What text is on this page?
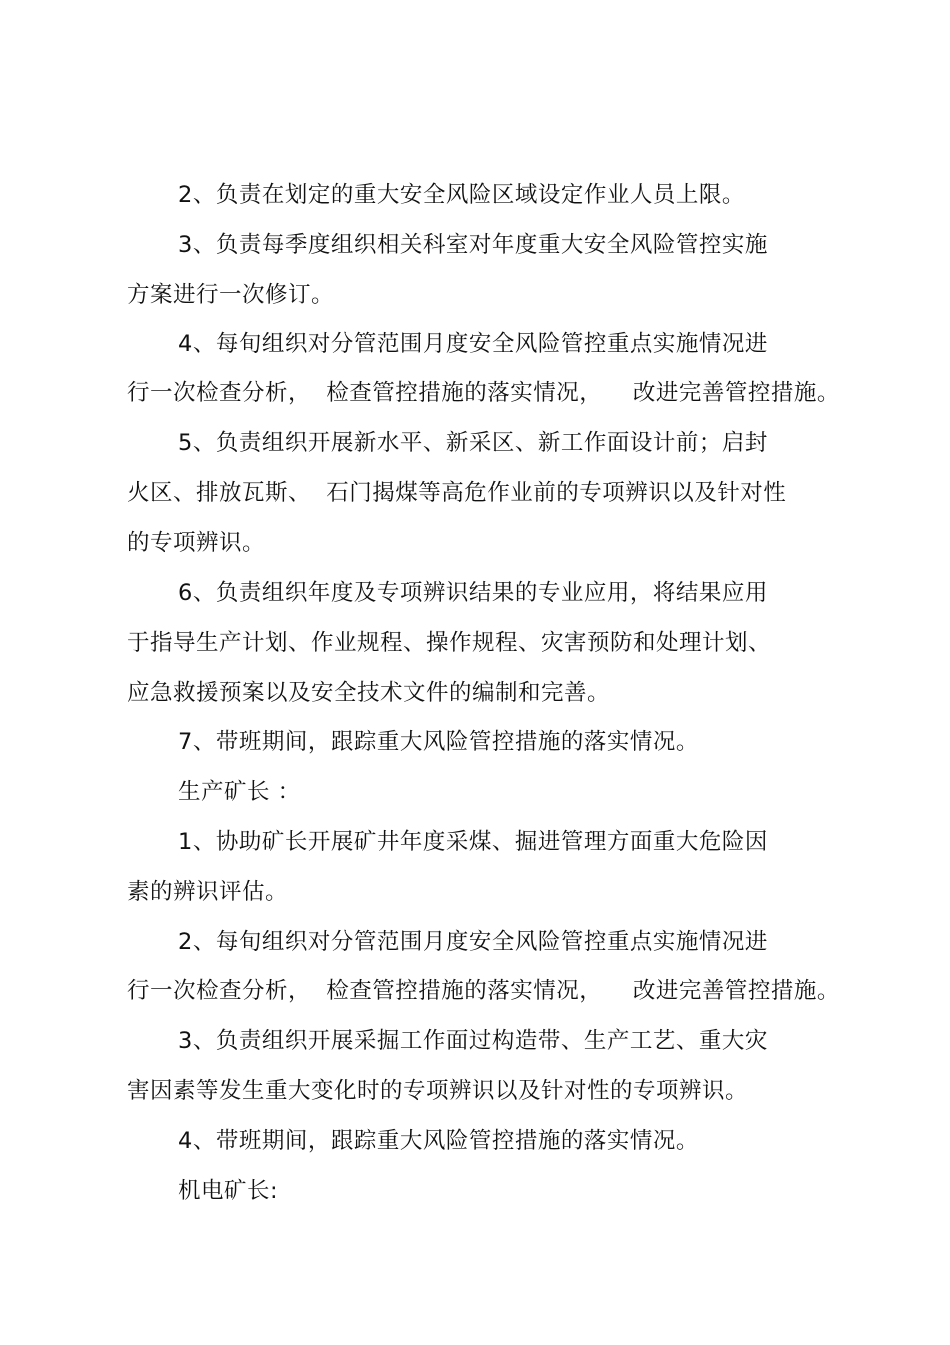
2、负责在划定的重大安全风险区域设定作业人员上限。
3、负责每季度组织相关科室对年度重大安全风险管控实施
方案进行一次修订。
4、每旬组织对分管范围月度安全风险管控重点实施情况进
行一次检查分析，  检查管控措施的落实情况，    改进完善管控措施。
5、负责组织开展新水平、新采区、新工作面设计前；启封
火区、排放瓦斯、  石门揭煤等高危作业前的专项辨识以及针对性
的专项辨识。
6、负责组织年度及专项辨识结果的专业应用，将结果应用
于指导生产计划、作业规程、操作规程、灾害预防和处理计划、
应急救援预案以及安全技术文件的编制和完善。
7、带班期间，跟踪重大风险管控措施的落实情况。
生产矿长 ：
1、协助矿长开展矿井年度采煤、掘进管理方面重大危险因
素的辨识评估。
2、每旬组织对分管范围月度安全风险管控重点实施情况进
行一次检查分析，  检查管控措施的落实情况，    改进完善管控措施。
3、负责组织开展采掘工作面过构造带、生产工艺、重大灾
害因素等发生重大变化时的专项辨识以及针对性的专项辨识。
4、带班期间，跟踪重大风险管控措施的落实情况。
机电矿长:
